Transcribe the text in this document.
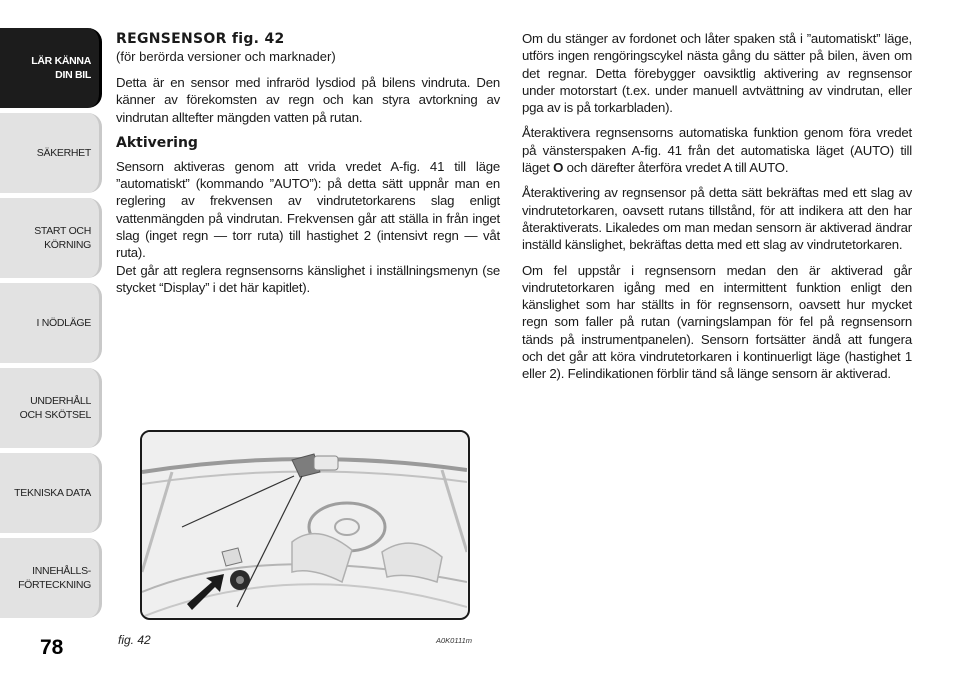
LÄR KÄNNA
DIN BIL
SÄKERHET
START OCH
KÖRNING
I NÖDLÄGE
UNDERHÅLL
OCH SKÖTSEL
TEKNISKA DATA
INNEHÅLLS-
FÖRTECKNING
78
REGNSENSOR fig. 42
(för berörda versioner och marknader)

Detta är en sensor med infraröd lysdiod på bilens vindruta. Den känner av förekomsten av regn och kan styra avtorkning av vindrutan alltefter mängden vatten på rutan.

Aktivering

Sensorn aktiveras genom att vrida vredet A-fig. 41 till läge ”automatiskt” (kommando ”AUTO”): på detta sätt uppnår man en reglering av frekvensen av vindrutetorkarens slag enligt vattenmängden på vindrutan. Frekvensen går att ställa in från inget slag (inget regn — torr ruta) till hastighet 2 (intensivt regn — våt ruta).

Det går att reglera regnsensorns känslighet i inställningsmenyn (se stycket “Display” i det här kapitlet).

Om du stänger av fordonet och låter spaken stå i ”automatiskt” läge, utförs ingen rengöringscykel nästa gång du sätter på bilen, även om det regnar. Detta förebygger oavsiktlig aktivering av regnsensor under motorstart (t.ex. under manuell avtvättning av vindrutan, eller pga av is på torkarbladen).

Återaktivera regnsensorns automatiska funktion genom föra vredet på vänsterspaken A-fig. 41 från det automatiska läget (AUTO) till läget O och därefter återföra vredet A till AUTO.

Återaktivering av regnsensor på detta sätt bekräftas med ett slag av vindrutetorkaren, oavsett rutans tillstånd, för att indikera att den har återaktiverats. Likaledes om man medan sensorn är aktiverad ändrar inställd känslighet, bekräftas detta med ett slag av vindrutetorkaren.

Om fel uppstår i regnsensorn medan den är aktiverad går vindrutetorkaren igång med en intermittent funktion enligt den känslighet som har ställts in för regnsensorn, oavsett hur mycket regn som faller på rutan (varningslampan för fel på regnsensorn tänds på instrumentpanelen). Sensorn fortsätter ändå att fungera och det går att köra vindrutetorkaren i kontinuerligt läge (hastighet 1 eller 2). Felindikationen förblir tänd så länge sensorn är aktiverad.

fig. 42	A0K0111m
